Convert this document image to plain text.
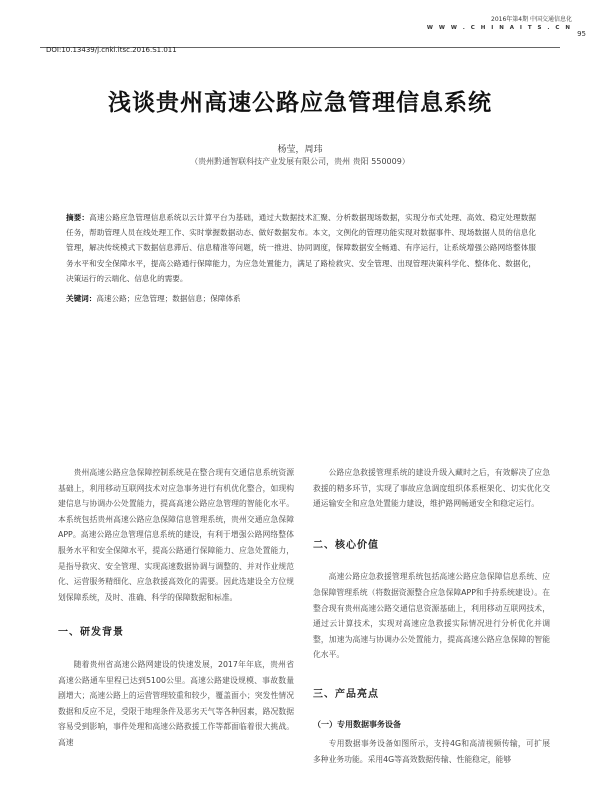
2016年第4期 中国交通信息化
W W W . C H I N A I T S . C N
95
DOI:10.13439/j.cnki.itsc.2016.S1.011
浅谈贵州高速公路应急管理信息系统
杨莹，周玮
（贵州黔通智联科技产业发展有限公司，贵州 贵阳 550009）
摘要：高速公路应急管理信息系统以云计算平台为基础，通过大数据技术汇聚、分析数据现场数据，实现分布式处理、高效、稳定处理数据任务，帮助管理人员在线处理工作、实时掌握数据动态、做好数据发布。本文，文例化的管理功能实现对数据事件、现场数据人员的信息化管理，解决传统模式下数据信息滞后、信息精准等问题，统一推进、协同调度，保障数据安全畅通、有序运行，让系统增强公路网络整体服务水平和安全保障水平，提高公路通行保障能力，为应急处置能力，满足了路检救灾、安全管理、出现管理决策科学化、整体化、数据化，决策运行的云端化、信息化的需要。
关键词：高速公路；应急管理；数据信息；保障体系

贵州高速公路应急保障控制系统是在整合现有交通信息系统资源基础上，利用移动互联网技术对应急事务进行有机优化整合，如现构建信息与协调办公处置能力，提高高速公路应急管理的智能化水平。本系统包括贵州高速公路应急保障信息管理系统，贵州交通应急保障APP。高速公路应急管理信息系统的建设，有利于增强公路网络整体服务水平和安全保障水平，提高公路通行保障能力、应急处置能力，是指导救灾、安全管理、实现高速数据协调与调整的、并对作业规范化、运营服务精细化、应急救援高效化的需要。因此选建设全方位规划保障系统，及时、准确、科学的保障数据和标准。

一、研发背景

随着贵州省高速公路网建设的快速发展，2017年年底，贵州省高速公路通车里程已达到5100公里。高速公路建设规模、事故数量剧增大；高速公路上的运营管理较重和较少，覆盖面小；突发性情况数据和反应不足，受限于地理条件及恶劣天气等各种因素，路况数据容易受到影响，事件处理和高速公路救援工作等都面临着很大挑战。高速

公路应急救援管理系统的建设升级入藏时之后，有效解决了应急救援的精多环节，实现了事故应急调度组织体系框架化、切实优化交通运输安全和应急处置能力建设，维护路网畅通安全和稳定运行。

二、核心价值

高速公路应急救援管理系统包括高速公路应急保障信息系统、应急保障管理系统（将数据资源整合应急保障APP和手持系统建设）。在整合现有贵州高速公路交通信息资源基础上，利用移动互联网技术，通过云计算技术，实现对高速应急救援实际情况进行分析优化并调整，加速为高速与协调办公处置能力，提高高速公路应急保障的智能化水平。

三、产品亮点
（一）专用数据事务设备

专用数据事务设备如图所示，支持4G和高清视频传输，可扩展多种业务功能。采用4G等高效数据传输、性能稳定，能够
